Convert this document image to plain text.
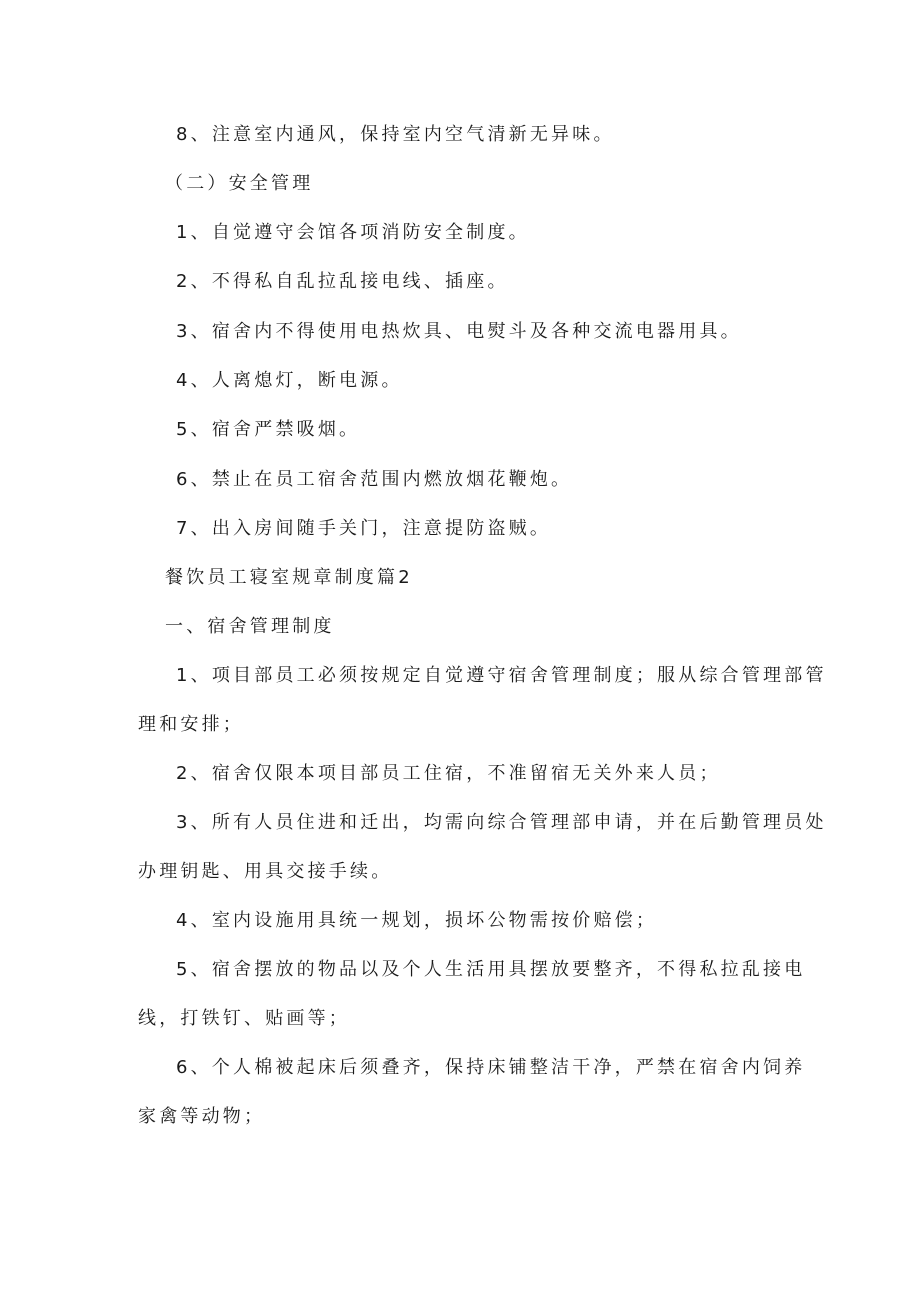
8、注意室内通风，保持室内空气清新无异味。
（二）安全管理
1、自觉遵守会馆各项消防安全制度。
2、不得私自乱拉乱接电线、插座。
3、宿舍内不得使用电热炊具、电熨斗及各种交流电器用具。
4、人离熄灯，断电源。
5、宿舍严禁吸烟。
6、禁止在员工宿舍范围内燃放烟花鞭炮。
7、出入房间随手关门，注意提防盗贼。
餐饮员工寝室规章制度篇2
一、宿舍管理制度
1、项目部员工必须按规定自觉遵守宿舍管理制度；服从综合管理部管
理和安排；
2、宿舍仅限本项目部员工住宿，不准留宿无关外来人员；
3、所有人员住进和迁出，均需向综合管理部申请，并在后勤管理员处
办理钥匙、用具交接手续。
4、室内设施用具统一规划，损坏公物需按价赔偿；
5、宿舍摆放的物品以及个人生活用具摆放要整齐，不得私拉乱接电
线，打铁钉、贴画等；
6、个人棉被起床后须叠齐，保持床铺整洁干净，严禁在宿舍内饲养
家禽等动物；
